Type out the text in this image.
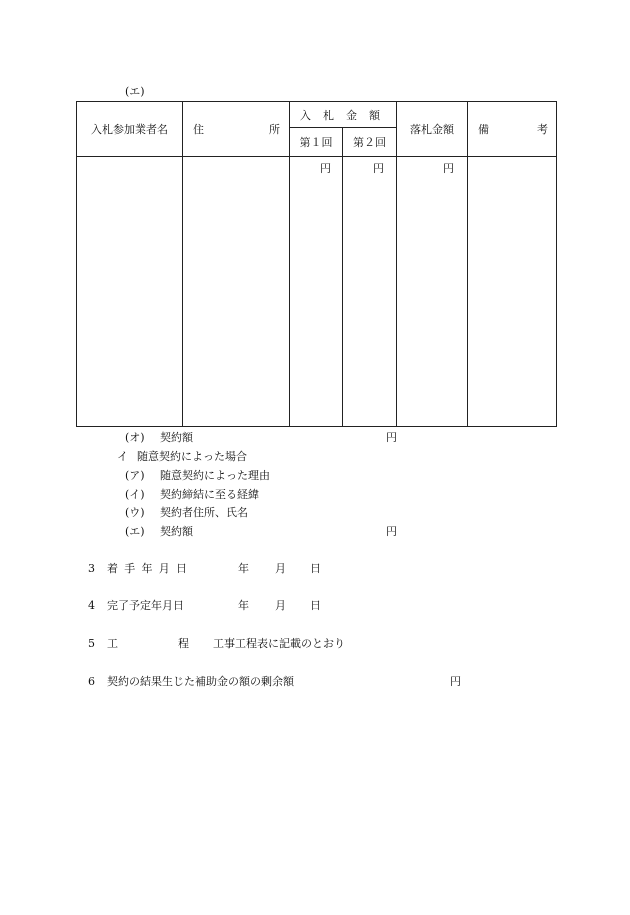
(エ)
入札参加業者名	住 所	入 札 金 額		落札金額	備 考

		第１回	第２回		

		円	円	円	

(オ) 契約額	円
イ 随意契約によった場合
(ア) 随意契約によった理由
(イ) 契約締結に至る経緯
(ウ) 契約者住所、氏名
(エ) 契約額	円
3 着 手 年 月 日	年 月 日
4 完了予定年月日	年 月 日
5 工	程 工事工程表に記載のとおり
6 契約の結果生じた補助金の額の剰余額	円
